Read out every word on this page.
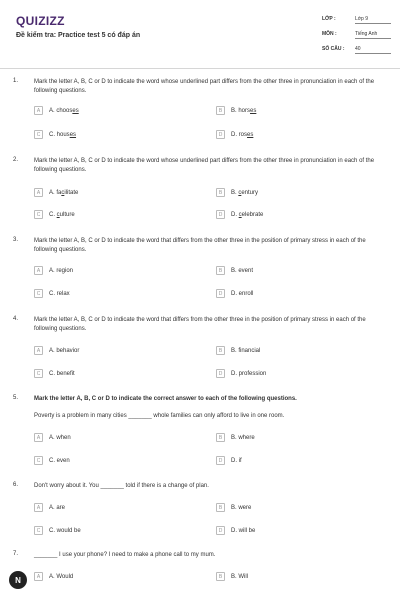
QUIZIZZ
Đề kiểm tra: Practice test 5 có đáp án
LỚP :	Lớp 9
MÔN :	Tiếng Anh
SỐ CÂU : 40
1.	Mark the letter A, B, C or D to indicate the word whose underlined part differs from the other three in pronunciation in each of the following questions.
A	A. chooses	B	B. horses
C	C. houses	D	D. roses
2.	Mark the letter A, B, C or D to indicate the word whose underlined part differs from the other three in pronunciation in each of the following questions.
A	A. facilitate	B	B. century
C	C. culture	D	D. celebrate
3.	Mark the letter A, B, C or D to indicate the word that differs from the other three in the position of primary stress in each of the following questions.
A	A. region	B	B. event
C	C. relax	D	D. enroll
4.	Mark the letter A, B, C or D to indicate the word that differs from the other three in the position of primary stress in each of the following questions.
A	A. behavior	B	B. financial
C	C. benefit	D	D. profession
5.	Mark the letter A, B, C or D to indicate the correct answer to each of the following questions.
Poverty is a problem in many cities _______ whole families can only afford to live in one room.
A	A. when	B	B. where
C	C. even	D	D. if
6.	Don't worry about it. You _______ told if there is a change of plan.
A	A. are	B	B. were
C	C. would be	D	D. will be
7.	_______ I use your phone? I need to make a phone call to my mum.
A	A. Would	B	B. Will
N
